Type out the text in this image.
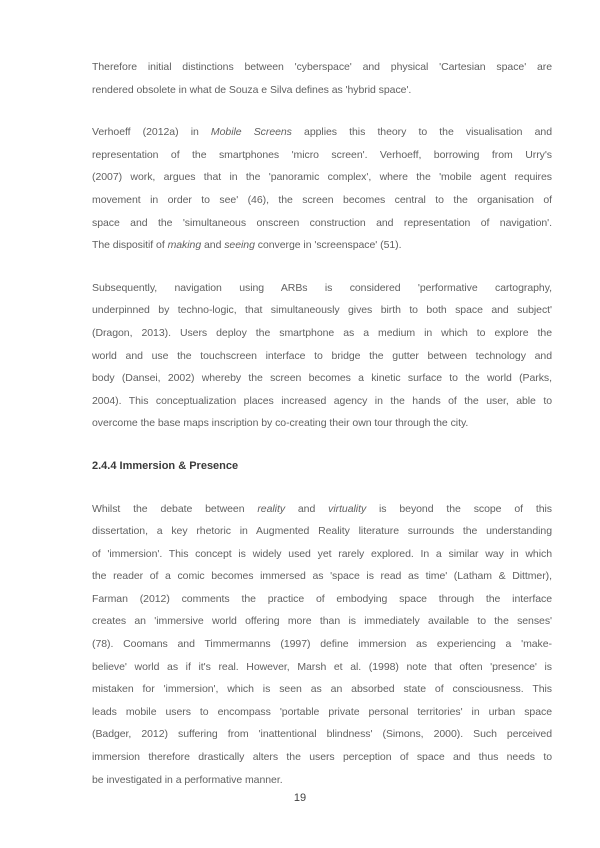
Therefore initial distinctions between 'cyberspace' and physical 'Cartesian space' are
rendered obsolete in what de Souza e Silva defines as 'hybrid space'.
Verhoeff (2012a) in Mobile Screens applies this theory to the visualisation and
representation of the smartphones 'micro screen'. Verhoeff, borrowing from Urry's
(2007) work, argues that in the 'panoramic complex', where the 'mobile agent requires
movement in order to see' (46), the screen becomes central to the organisation of
space and the 'simultaneous onscreen construction and representation of navigation'.
The dispositif of making and seeing converge in 'screenspace' (51).
Subsequently, navigation using ARBs is considered 'performative cartography,
underpinned by techno-logic, that simultaneously gives birth to both space and subject'
(Dragon, 2013). Users deploy the smartphone as a medium in which to explore the
world and use the touchscreen interface to bridge the gutter between technology and
body (Dansei, 2002) whereby the screen becomes a kinetic surface to the world (Parks,
2004). This conceptualization places increased agency in the hands of the user, able to
overcome the base maps inscription by co-creating their own tour through the city.
2.4.4 Immersion & Presence
Whilst the debate between reality and virtuality is beyond the scope of this
dissertation, a key rhetoric in Augmented Reality literature surrounds the understanding
of 'immersion'. This concept is widely used yet rarely explored. In a similar way in which
the reader of a comic becomes immersed as 'space is read as time' (Latham & Dittmer),
Farman (2012) comments the practice of embodying space through the interface
creates an 'immersive world offering more than is immediately available to the senses'
(78). Coomans and Timmermanns (1997) define immersion as experiencing a 'make-
believe' world as if it's real. However, Marsh et al. (1998) note that often 'presence' is
mistaken for 'immersion', which is seen as an absorbed state of consciousness. This
leads mobile users to encompass 'portable private personal territories' in urban space
(Badger, 2012) suffering from 'inattentional blindness' (Simons, 2000). Such perceived
immersion therefore drastically alters the users perception of space and thus needs to
be investigated in a performative manner.
19
